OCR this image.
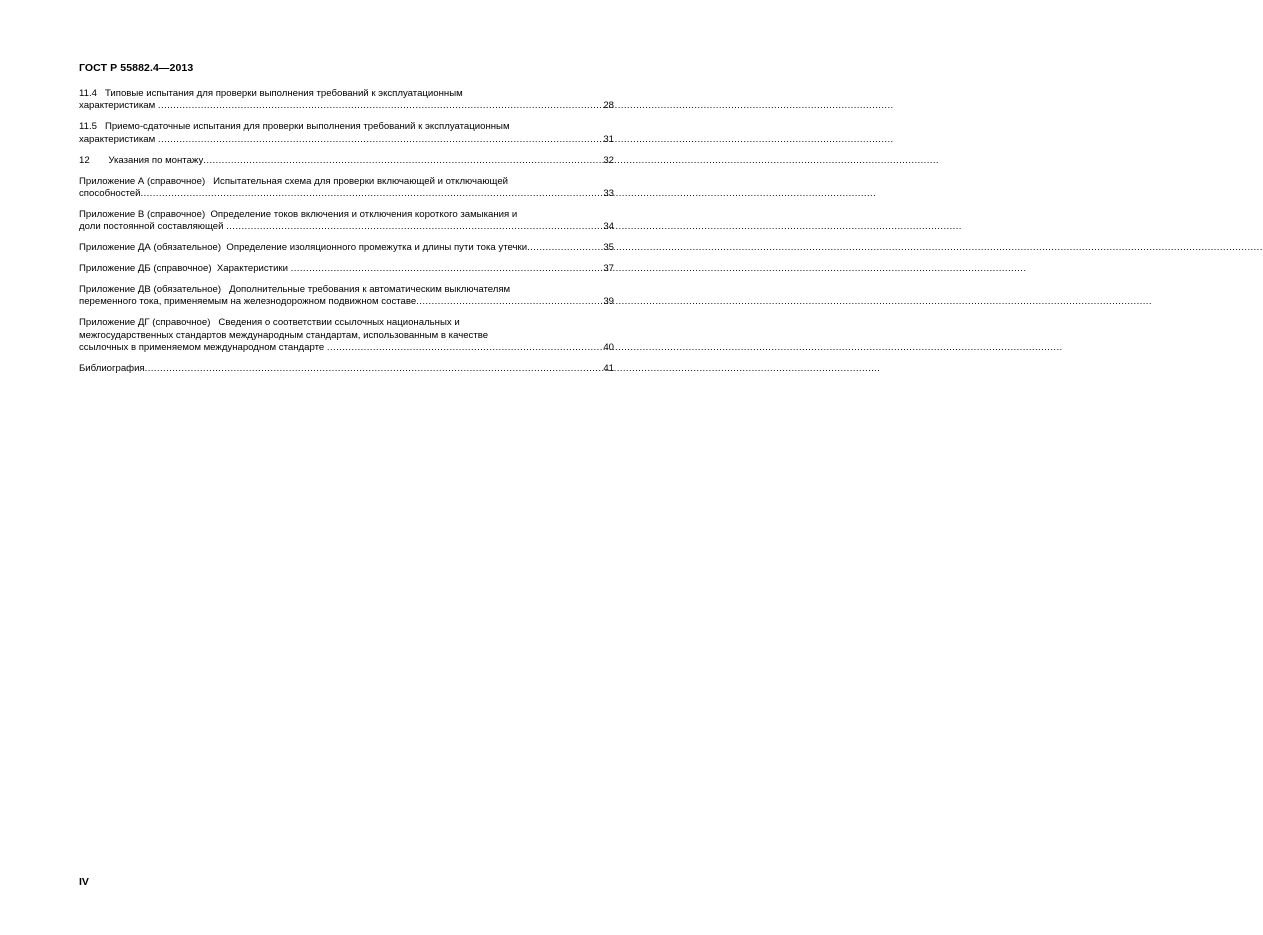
ГОСТ Р 55882.4—2013
11.4   Типовые испытания для проверки выполнения требований к эксплуатационным
характеристикам .....	28
11.5   Приемо-сдаточные испытания для проверки выполнения требований к эксплуатационным
характеристикам .....	31
12       Указания по монтажу .....	32
Приложение А (справочное)   Испытательная схема для проверки включающей и отключающей
способностей .....	33
Приложение В (справочное)  Определение токов включения и отключения короткого замыкания и
доли постоянной составляющей .....	34
Приложение ДА (обязательное)  Определение изоляционного промежутка и длины пути тока утечки .....	35
Приложение ДБ (справочное)  Характеристики .....	37
Приложение ДВ (обязательное)   Дополнительные требования к автоматическим выключателям
переменного тока, применяемым на железнодорожном подвижном составе .....	39
Приложение ДГ (справочное)   Сведения о соответствии ссылочных национальных и
межгосударственных стандартов международным стандартам, использованным в качестве
ссылочных в применяемом международном стандарте .....	40
Библиография .....	41
IV
